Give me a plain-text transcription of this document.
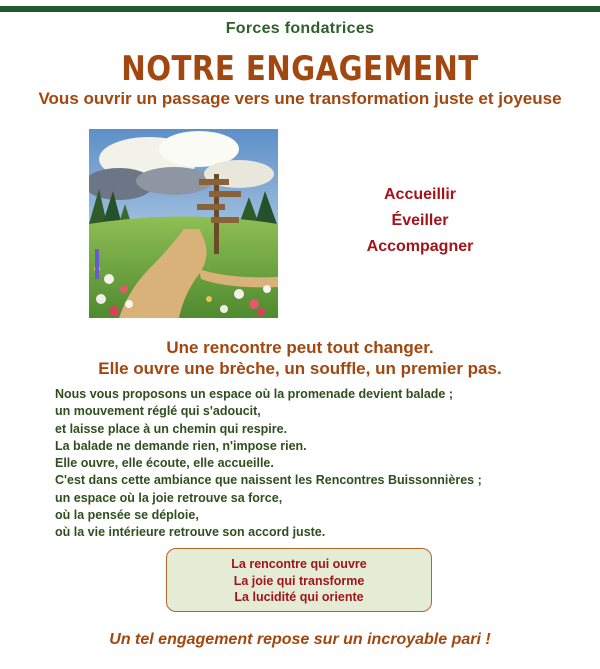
Forces fondatrices
NOTRE ENGAGEMENT
Vous ouvrir un passage vers une transformation juste et joyeuse
Accueillir
Éveiller
Accompagner
Une rencontre peut tout changer.
Elle ouvre une brèche, un souffle, un premier pas.
Nous vous proposons un espace où la promenade devient balade ;
un mouvement réglé qui s'adoucit,
et laisse place à un chemin qui respire.
La balade ne demande rien, n'impose rien.
Elle ouvre, elle écoute, elle accueille.
C'est dans cette ambiance que naissent les Rencontres Buissonnières ;
un espace où la joie retrouve sa force,
où la pensée se déploie,
où la vie intérieure retrouve son accord juste.
La rencontre qui ouvre
La joie qui transforme
La lucidité qui oriente
Un tel engagement repose sur un incroyable pari !
